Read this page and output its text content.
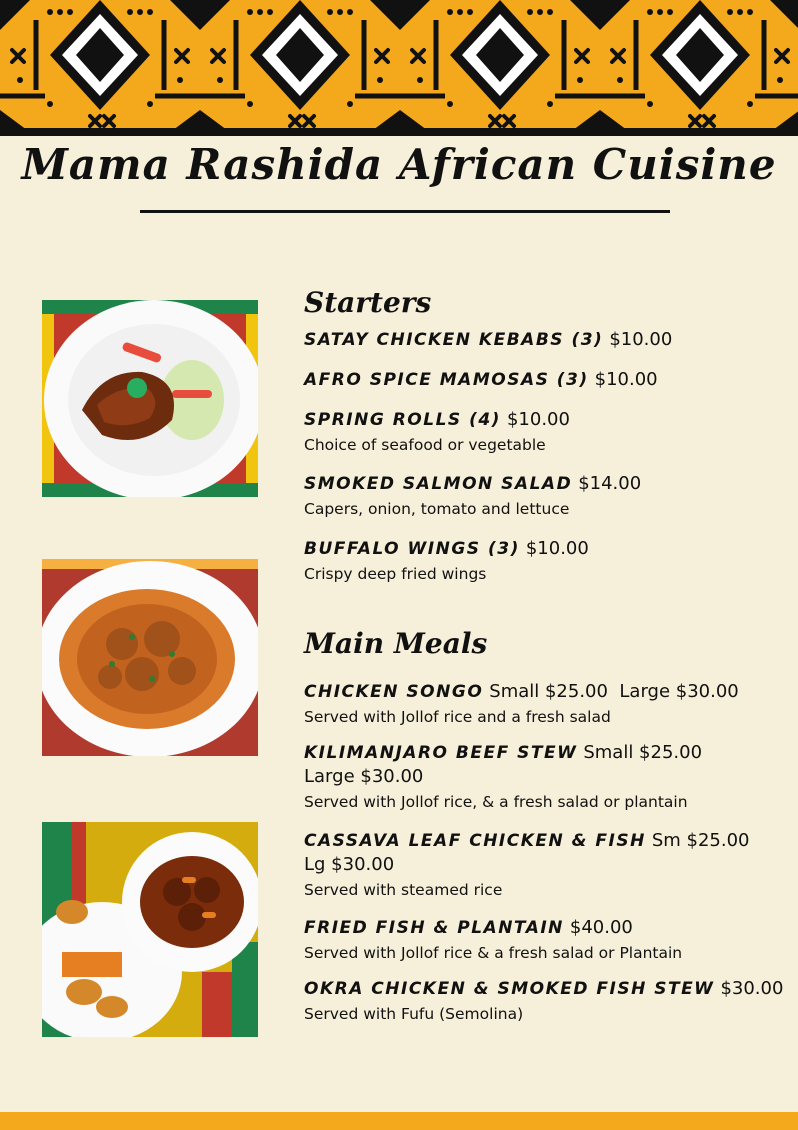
Mama Rashida African Cuisine
Starters
SATAY CHICKEN KEBABS (3) $10.00
AFRO SPICE MAMOSAS (3) $10.00
SPRING ROLLS (4) $10.00
Choice of seafood or vegetable
SMOKED SALMON SALAD $14.00
Capers, onion, tomato and lettuce
BUFFALO WINGS (3) $10.00
Crispy deep fried wings
Main Meals
CHICKEN SONGO Small $25.00  Large $30.00
Served with Jollof rice and a fresh salad
KILIMANJARO BEEF STEW Small $25.00
Large $30.00
Served with Jollof rice, & a fresh salad or plantain
CASSAVA LEAF CHICKEN & FISH Sm $25.00
Lg $30.00
Served with steamed rice
FRIED FISH & PLANTAIN $40.00
Served with Jollof rice & a fresh salad or Plantain
OKRA CHICKEN & SMOKED FISH STEW $30.00
Served with Fufu (Semolina)
